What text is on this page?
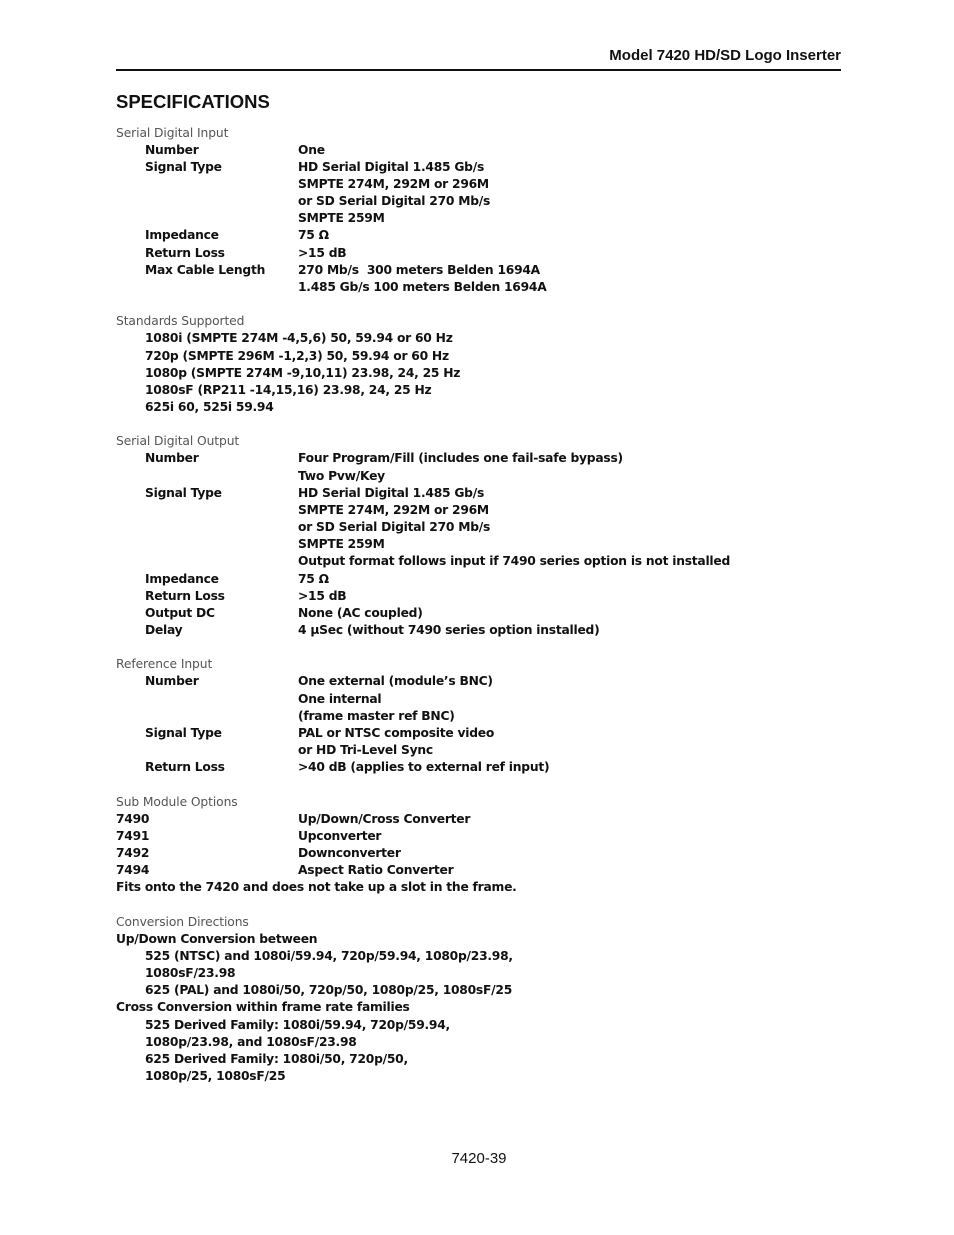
Model 7420 HD/SD Logo Inserter
SPECIFICATIONS
Serial Digital Input
Number	One
Signal Type	HD Serial Digital 1.485 Gb/s
SMPTE 274M, 292M or 296M
or SD Serial Digital 270 Mb/s
SMPTE 259M
Impedance	75 Ω
Return Loss	>15 dB
Max Cable Length	270 Mb/s  300 meters Belden 1694A
1.485 Gb/s 100 meters Belden 1694A
Standards Supported
1080i (SMPTE 274M -4,5,6) 50, 59.94 or 60 Hz
720p (SMPTE 296M -1,2,3) 50, 59.94 or 60 Hz
1080p (SMPTE 274M -9,10,11) 23.98, 24, 25 Hz
1080sF (RP211 -14,15,16) 23.98, 24, 25 Hz
625i 60, 525i 59.94
Serial Digital Output
Number	Four Program/Fill (includes one fail-safe bypass)
Two Pvw/Key
Signal Type	HD Serial Digital 1.485 Gb/s
SMPTE 274M, 292M or 296M
or SD Serial Digital 270 Mb/s
SMPTE 259M
Output format follows input if 7490 series option is not installed
Impedance	75 Ω
Return Loss	>15 dB
Output DC	None (AC coupled)
Delay	4 µSec (without 7490 series option installed)
Reference Input
Number	One external (module’s BNC)
One internal
(frame master ref BNC)
Signal Type	PAL or NTSC composite video
or HD Tri-Level Sync
Return Loss	>40 dB (applies to external ref input)
Sub Module Options
7490	Up/Down/Cross Converter
7491	Upconverter
7492	Downconverter
7494	Aspect Ratio Converter
Fits onto the 7420 and does not take up a slot in the frame.
Conversion Directions
Up/Down Conversion between
525 (NTSC) and 1080i/59.94, 720p/59.94, 1080p/23.98,
1080sF/23.98
625 (PAL) and 1080i/50, 720p/50, 1080p/25, 1080sF/25
Cross Conversion within frame rate families
525 Derived Family: 1080i/59.94, 720p/59.94,
1080p/23.98, and 1080sF/23.98
625 Derived Family: 1080i/50, 720p/50,
1080p/25, 1080sF/25
7420-39
